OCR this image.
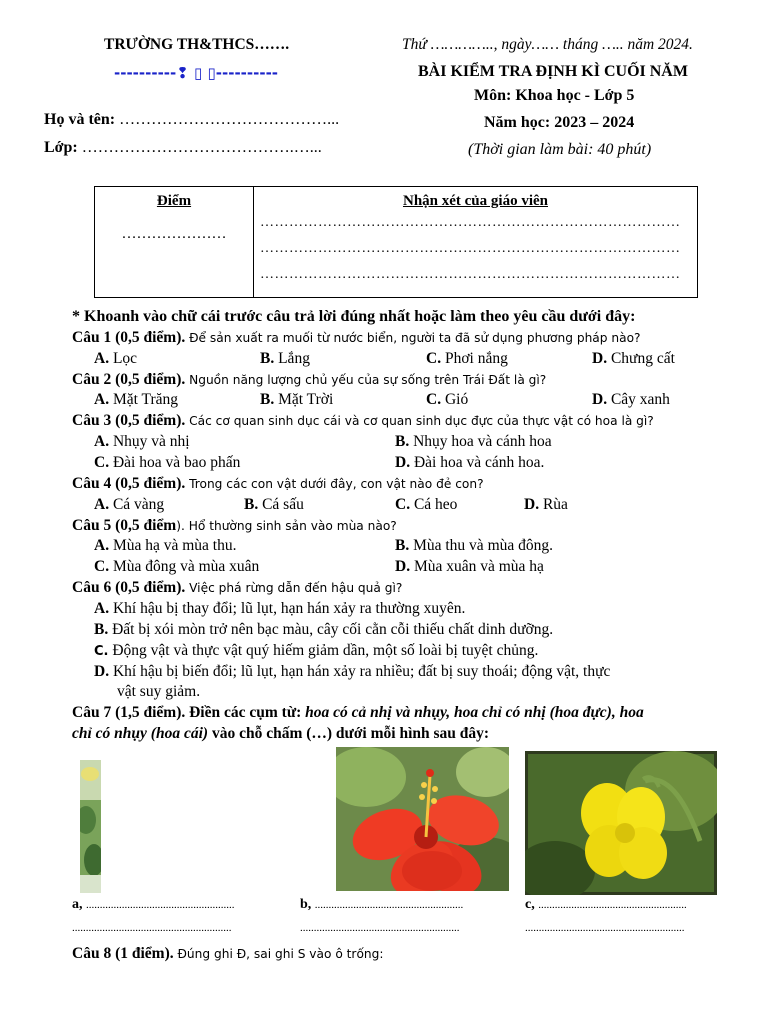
TRƯỜNG TH&THCS…….
----------❢ ▯ ▯----------
Thứ ………….., ngày…… tháng ….. năm 2024.
BÀI KIỂM TRA ĐỊNH KÌ CUỐI NĂM
Môn: Khoa học - Lớp 5
Năm học: 2023 – 2024
(Thời gian làm bài: 40 phút)
Họ và tên: …………………………………...
Lớp: ………………………………….…...
Điểm
…………………

Nhận xét của giáo viên
……………………………………………………………………………
……………………………………………………………………………
……………………………………………………………………………
* Khoanh vào chữ cái trước câu trả lời đúng nhất hoặc làm theo yêu cầu dưới đây:
Câu 1 (0,5 điểm). Để sản xuất ra muối từ nước biển, người ta đã sử dụng phương pháp nào?
A. Lọc	B. Lắng	C. Phơi nắng	D. Chưng cất
Câu 2 (0,5 điểm). Nguồn năng lượng chủ yếu của sự sống trên Trái Đất là gì?
A. Mặt Trăng	B. Mặt Trời	C. Gió	D. Cây xanh
Câu 3 (0,5 điểm). Các cơ quan sinh dục cái và cơ quan sinh dục đực của thực vật có hoa là gì?
A. Nhụy và nhị	B. Nhụy hoa và cánh hoa
C. Đài hoa và bao phấn	D. Đài hoa và cánh hoa.
Câu 4 (0,5 điểm). Trong các con vật dưới đây, con vật nào đẻ con?
A. Cá vàng	B. Cá sấu	C. Cá heo	D. Rùa
Câu 5 (0,5 điểm). Hổ thường sinh sản vào mùa nào?
A. Mùa hạ và mùa thu.	B. Mùa thu và mùa đông.
C. Mùa đông và mùa xuân	D. Mùa xuân và mùa hạ
Câu 6 (0,5 điểm). Việc phá rừng dẫn đến hậu quả gì?
A. Khí hậu bị thay đổi; lũ lụt, hạn hán xảy ra thường xuyên.
B. Đất bị xói mòn trở nên bạc màu, cây cối cằn cỗi thiếu chất dinh dưỡng.
C. Động vật và thực vật quý hiếm giảm dần, một số loài bị tuyệt chủng.
D. Khí hậu bị biến đổi; lũ lụt, hạn hán xảy ra nhiều; đất bị suy thoái; động vật, thực
vật suy giảm.
Câu 7 (1,5 điểm). Điền các cụm từ: hoa có cả nhị và nhụy, hoa chỉ có nhị (hoa đực), hoa
chỉ có nhụy (hoa cái) vào chỗ chấm (…) dưới mỗi hình sau đây:
a, ......................................................
..........................................................
b, ......................................................
..........................................................
c, ......................................................
..........................................................
Câu 8 (1 điểm). Đúng ghi Đ, sai ghi S vào ô trống:
